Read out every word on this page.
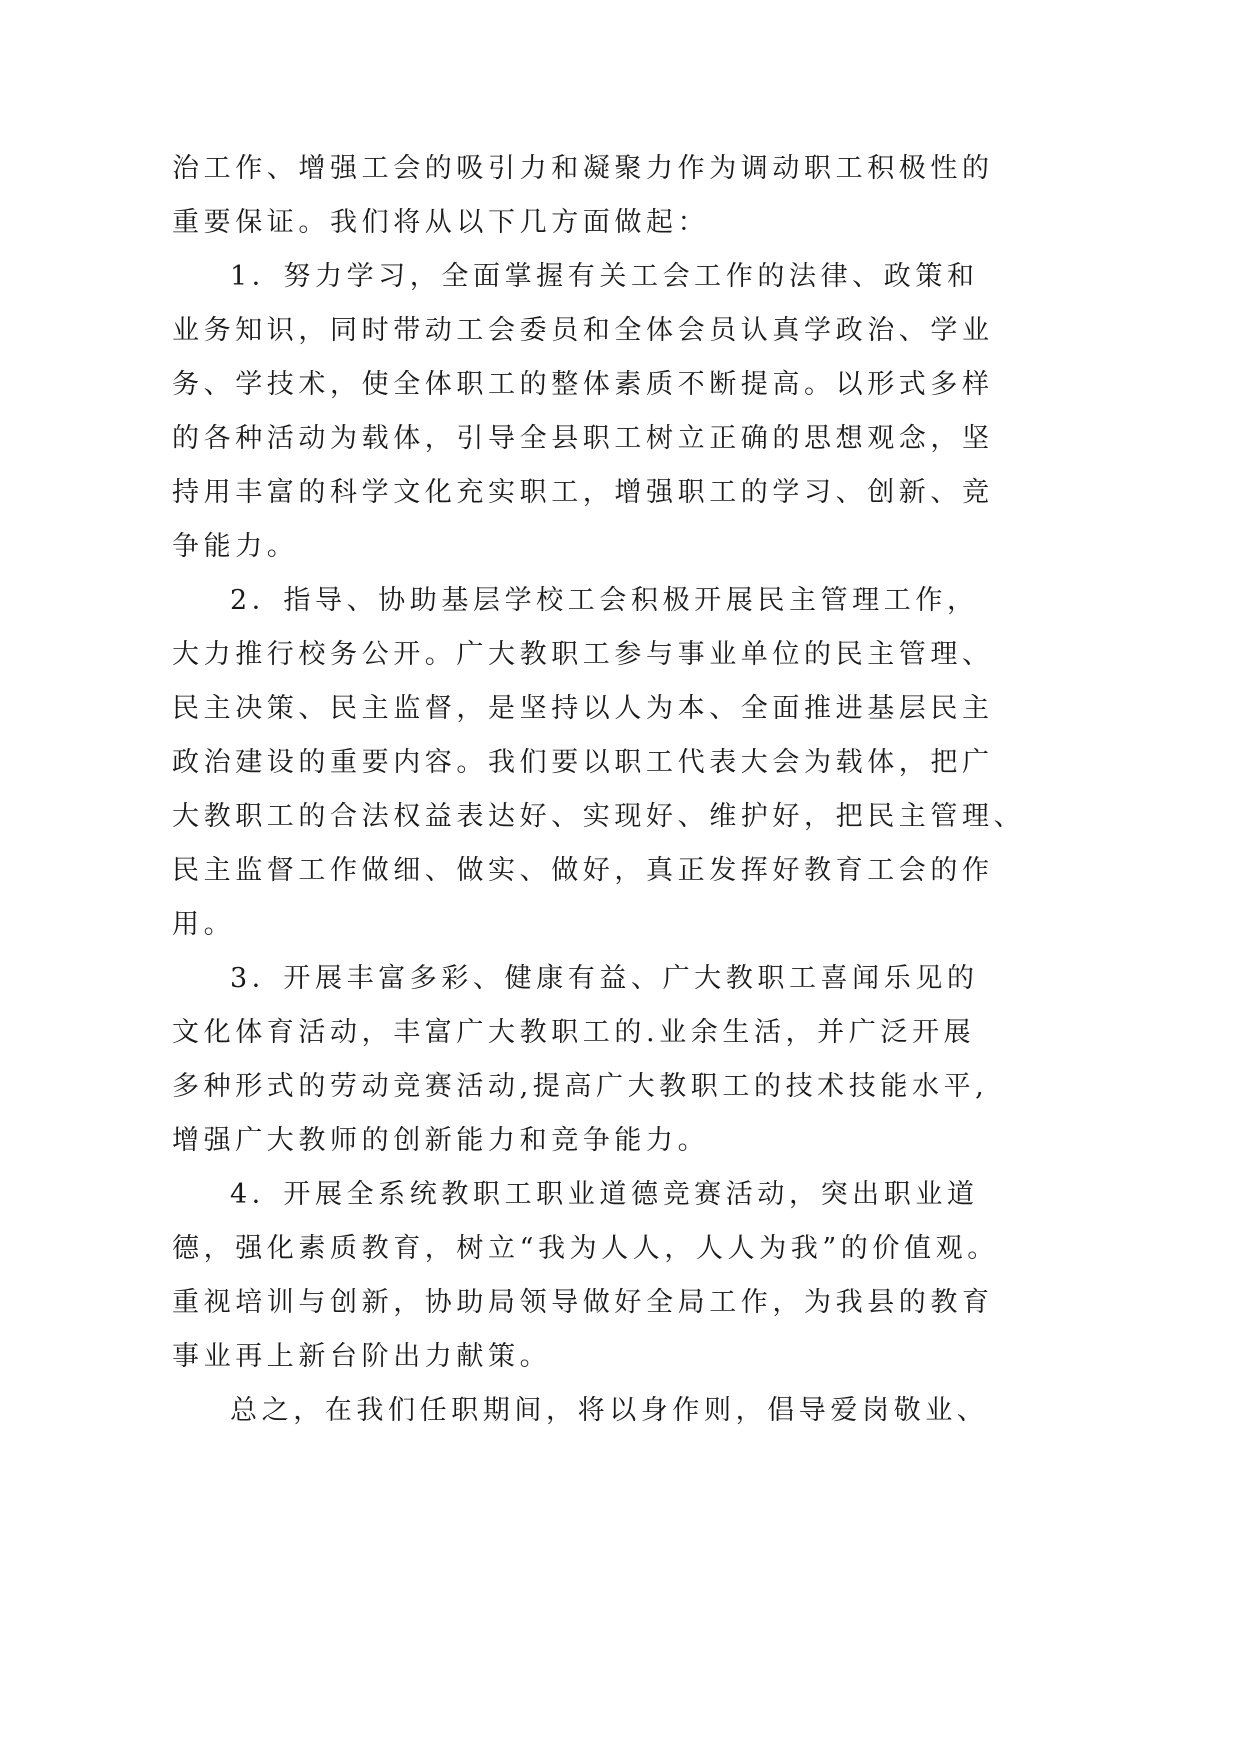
治工作、增强工会的吸引力和凝聚力作为调动职工积极性的
重要保证。我们将从以下几方面做起：
1．努力学习，全面掌握有关工会工作的法律、政策和
业务知识，同时带动工会委员和全体会员认真学政治、学业
务、学技术，使全体职工的整体素质不断提高。以形式多样
的各种活动为载体，引导全县职工树立正确的思想观念，坚
持用丰富的科学文化充实职工，增强职工的学习、创新、竞
争能力。
2．指导、协助基层学校工会积极开展民主管理工作，
大力推行校务公开。广大教职工参与事业单位的民主管理、
民主决策、民主监督，是坚持以人为本、全面推进基层民主
政治建设的重要内容。我们要以职工代表大会为载体，把广
大教职工的合法权益表达好、实现好、维护好，把民主管理、
民主监督工作做细、做实、做好，真正发挥好教育工会的作
用。
3．开展丰富多彩、健康有益、广大教职工喜闻乐见的
文化体育活动，丰富广大教职工的.业余生活，并广泛开展
多种形式的劳动竞赛活动,提高广大教职工的技术技能水平,
增强广大教师的创新能力和竞争能力。
4．开展全系统教职工职业道德竞赛活动，突出职业道
德，强化素质教育，树立“我为人人，人人为我”的价值观。
重视培训与创新，协助局领导做好全局工作，为我县的教育
事业再上新台阶出力献策。
总之，在我们任职期间，将以身作则，倡导爱岗敬业、
